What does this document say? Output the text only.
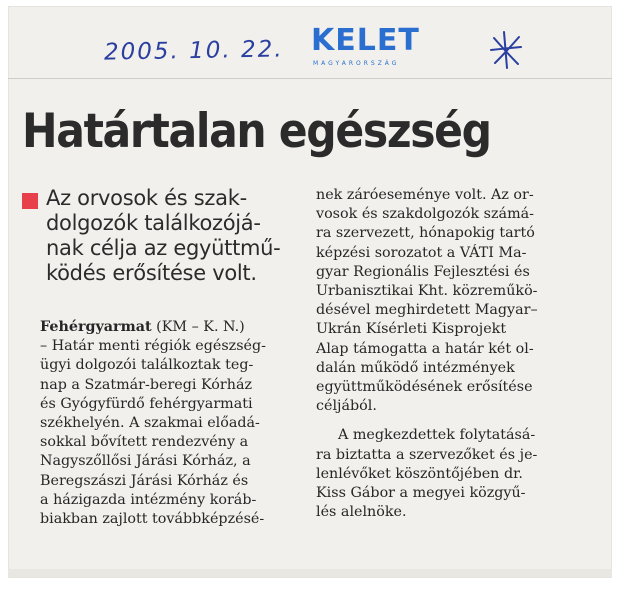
2005. 10. 22. KELET
MAGYARORSZÁG
Határtalan egészség
Az orvosok és szak-
dolgozók találkozójá-
nak célja az együttmű-
ködés erősítése volt.
Fehérgyarmat (KM – K. N.)
– Határ menti régiók egészség-
ügyi dolgozói találkoztak teg-
nap a Szatmár-beregi Kórház
és Gyógyfürdő fehérgyarmati
székhelyén. A szakmai előadá-
sokkal bővített rendezvény a
Nagyszőllősi Járási Kórház, a
Beregszászi Járási Kórház és
a házigazda intézmény koráb-
biakban zajlott továbbképzésé-
nek záróeseménye volt. Az or-
vosok és szakdolgozók számá-
ra szervezett, hónapokig tartó
képzési sorozatot a VÁTI Ma-
gyar Regionális Fejlesztési és
Urbanisztikai Kht. közreműkö-
désével meghirdetett Magyar–
Ukrán Kísérleti Kisprojekt
Alap támogatta a határ két ol-
dalán működő intézmények
együttműködésének erősítése
céljából.
A megkezdettek folytatásá-
ra biztatta a szervezőket és je-
lenlévőket köszöntőjében dr.
Kiss Gábor a megyei közgyű-
lés alelnöke.
